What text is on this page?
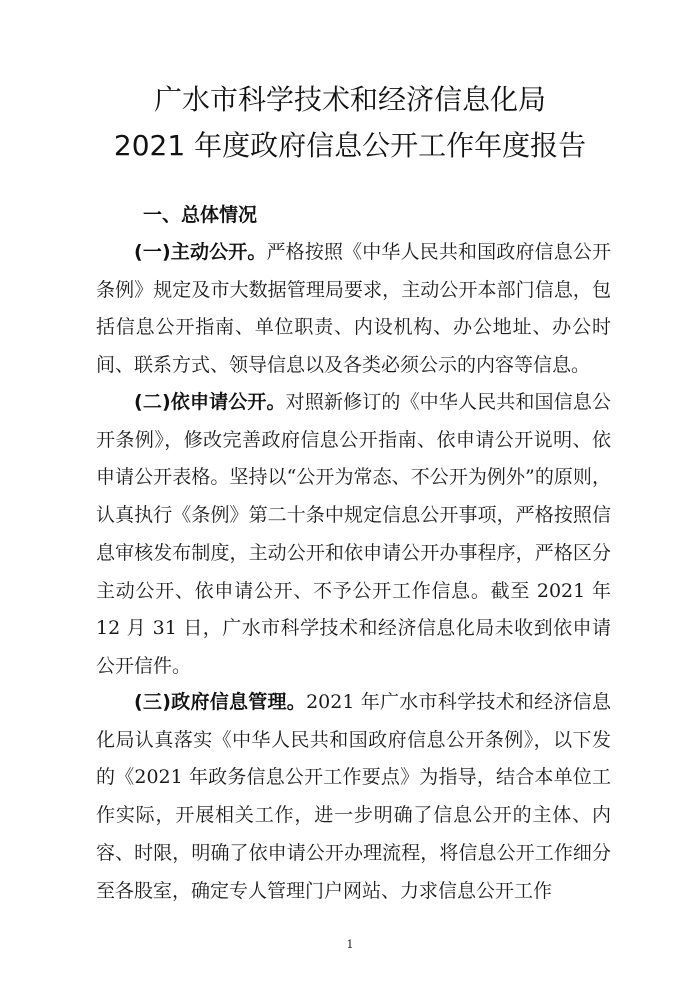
广水市科学技术和经济信息化局
2021 年度政府信息公开工作年度报告
一、总体情况
(一)主动公开。严格按照《中华人民共和国政府信息公开条例》规定及市大数据管理局要求，主动公开本部门信息，包括信息公开指南、单位职责、内设机构、办公地址、办公时间、联系方式、领导信息以及各类必须公示的内容等信息。
(二)依申请公开。对照新修订的《中华人民共和国信息公开条例》，修改完善政府信息公开指南、依申请公开说明、依申请公开表格。坚持以“公开为常态、不公开为例外”的原则，认真执行《条例》第二十条中规定信息公开事项，严格按照信息审核发布制度，主动公开和依申请公开办事程序，严格区分主动公开、依申请公开、不予公开工作信息。截至 2021 年 12 月 31 日，广水市科学技术和经济信息化局未收到依申请公开信件。
(三)政府信息管理。2021 年广水市科学技术和经济信息化局认真落实《中华人民共和国政府信息公开条例》，以下发的《2021 年政务信息公开工作要点》为指导，结合本单位工作实际，开展相关工作，进一步明确了信息公开的主体、内容、时限，明确了依申请公开办理流程，将信息公开工作细分至各股室，确定专人管理门户网站、力求信息公开工作
1
